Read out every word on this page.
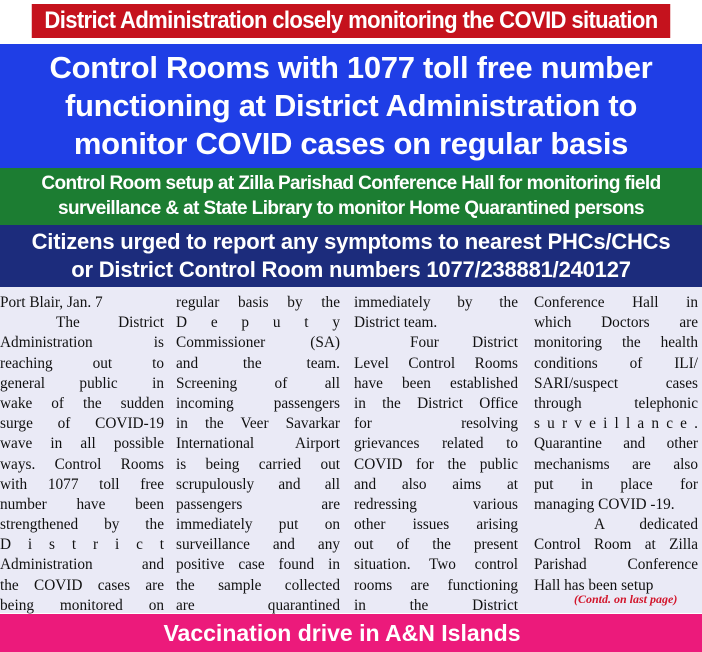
District Administration closely monitoring the COVID situation
Control Rooms with 1077 toll free number
functioning at District Administration to
monitor COVID cases on regular basis
Control Room setup at Zilla Parishad Conference Hall for monitoring field
surveillance & at State Library to monitor Home Quarantined persons
Citizens urged to report any symptoms to nearest PHCs/CHCs
or District Control Room numbers 1077/238881/240127
Port Blair, Jan. 7
The District
Administration is
reaching out to
general public in
wake of the sudden
surge of COVID-19
wave in all possible
ways. Control Rooms
with 1077 toll free
number have been
strengthened by the
D i s t r i c t
Administration and
the COVID cases are
being monitored on
regular basis by the
D e p u t y
Commissioner (SA)
and the team.
Screening of all
incoming passengers
in the Veer Savarkar
International Airport
is being carried out
scrupulously and all
passengers are
immediately put on
surveillance and any
positive case found in
the sample collected
are quarantined
immediately by the
District team.
Four District
Level Control Rooms
have been established
in the District Office
for resolving
grievances related to
COVID for the public
and also aims at
redressing various
other issues arising
out of the present
situation. Two control
rooms are functioning
in the District
Conference Hall in
which Doctors are
monitoring the health
conditions of ILI/
SARI/suspect cases
through telephonic
s u r v e i l l a n c e .
Quarantine and other
mechanisms are also
put in place for
managing COVID -19.
A dedicated
Control Room at Zilla
Parishad Conference
Hall has been setup
(Contd. on last page)
Vaccination drive in A&N Islands
